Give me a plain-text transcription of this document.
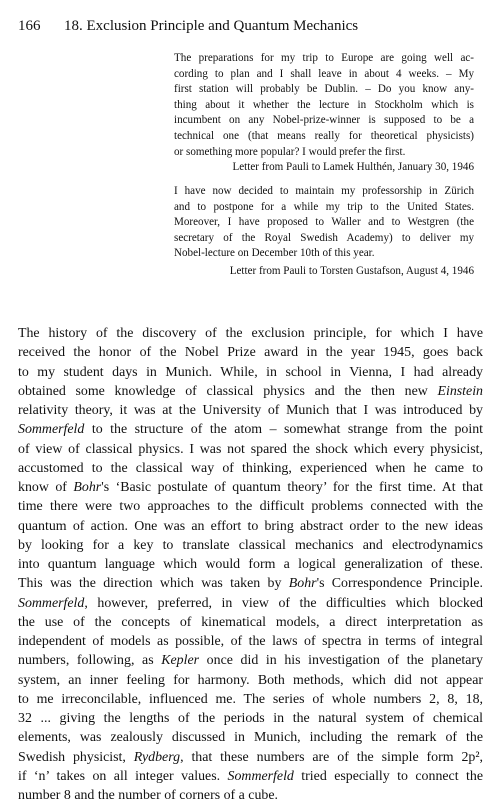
166 18. Exclusion Principle and Quantum Mechanics
The preparations for my trip to Europe are going well ac-
cording to plan and I shall leave in about 4 weeks. – My
first station will probably be Dublin. – Do you know any-
thing about it whether the lecture in Stockholm which is
incumbent on any Nobel-prize-winner is supposed to be a
technical one (that means really for theoretical physicists)
or something more popular? I would prefer the first.
Letter from Pauli to Lamek Hulthén, January 30, 1946
I have now decided to maintain my professorship in Zürich
and to postpone for a while my trip to the United States.
Moreover, I have proposed to Waller and to Westgren (the
secretary of the Royal Swedish Academy) to deliver my
Nobel-lecture on December 10th of this year.
Letter from Pauli to Torsten Gustafson, August 4, 1946
The history of the discovery of the exclusion principle, for which I have
received the honor of the Nobel Prize award in the year 1945, goes back
to my student days in Munich. While, in school in Vienna, I had already
obtained some knowledge of classical physics and the then new Einstein
relativity theory, it was at the University of Munich that I was introduced by
Sommerfeld to the structure of the atom – somewhat strange from the point
of view of classical physics. I was not spared the shock which every physicist,
accustomed to the classical way of thinking, experienced when he came to
know of Bohr's ‘Basic postulate of quantum theory’ for the first time. At that
time there were two approaches to the difficult problems connected with the
quantum of action. One was an effort to bring abstract order to the new ideas
by looking for a key to translate classical mechanics and electrodynamics
into quantum language which would form a logical generalization of these.
This was the direction which was taken by Bohr's Correspondence Principle.
Sommerfeld, however, preferred, in view of the difficulties which blocked
the use of the concepts of kinematical models, a direct interpretation as
independent of models as possible, of the laws of spectra in terms of integral
numbers, following, as Kepler once did in his investigation of the planetary
system, an inner feeling for harmony. Both methods, which did not appear
to me irreconcilable, influenced me. The series of whole numbers 2, 8, 18,
32 ... giving the lengths of the periods in the natural system of chemical
elements, was zealously discussed in Munich, including the remark of the
Swedish physicist, Rydberg, that these numbers are of the simple form 2p²,
if ‘n’ takes on all integer values. Sommerfeld tried especially to connect the
number 8 and the number of corners of a cube.
